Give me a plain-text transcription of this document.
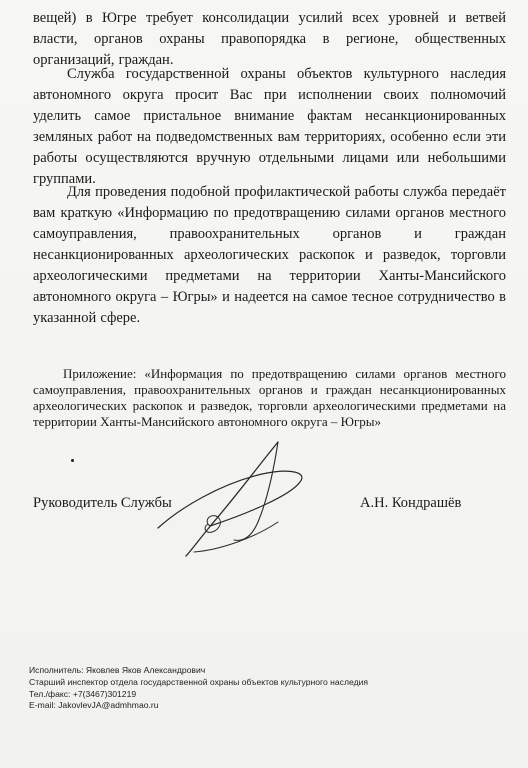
вещей) в Югре требует консолидации усилий всех уровней и ветвей власти, органов охраны правопорядка в регионе, общественных организаций, граждан.
Служба государственной охраны объектов культурного наследия автономного округа просит Вас при исполнении своих полномочий уделить самое пристальное внимание фактам несанкционированных земляных работ на подведомственных вам территориях, особенно если эти работы осуществляются вручную отдельными лицами или небольшими группами.
Для проведения подобной профилактической работы служба передаёт вам краткую «Информацию по предотвращению силами органов местного самоуправления, правоохранительных органов и граждан несанкционированных археологических раскопок и разведок, торговли археологическими предметами на территории Ханты-Мансийского автономного округа – Югры» и надеется на самое тесное сотрудничество в указанной сфере.
Приложение: «Информация по предотвращению силами органов местного самоуправления, правоохранительных органов и граждан несанкционированных археологических раскопок и разведок, торговли археологическими предметами на территории Ханты-Мансийского автономного округа – Югры»
Руководитель Службы	А.Н. Кондрашёв
Исполнитель: Яковлев Яков Александрович
Старший инспектор отдела государственной охраны объектов культурного наследия
Тел./факс: +7(3467)301219
E-mail: JakovlevJA@admhmao.ru
